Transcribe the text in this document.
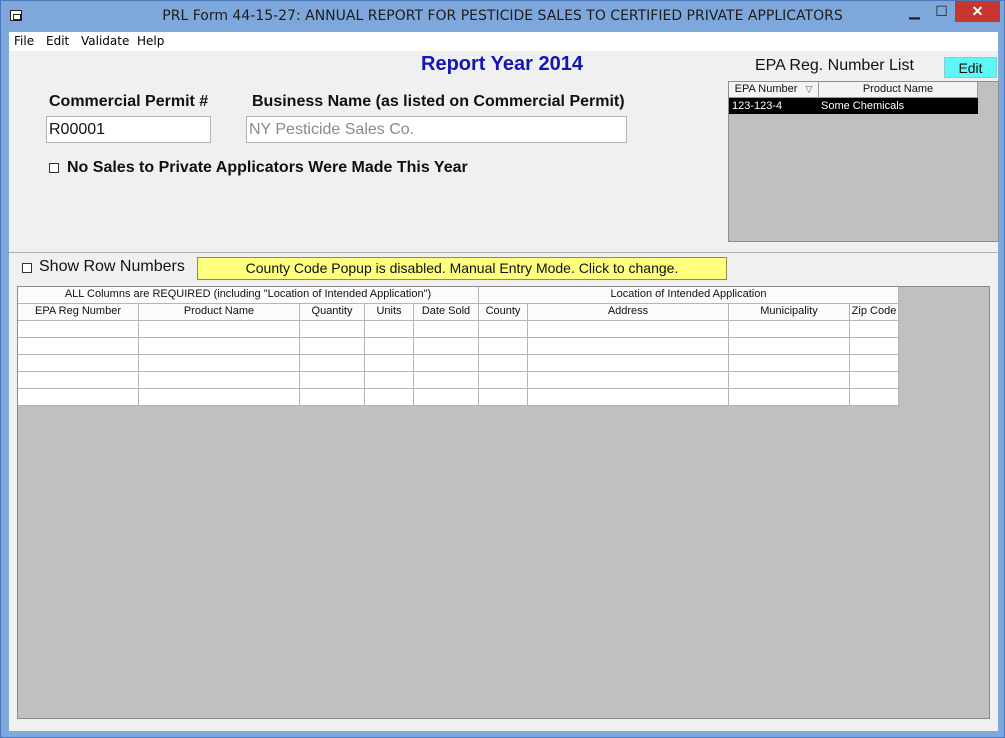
PRL Form 44-15-27: ANNUAL REPORT FOR PESTICIDE SALES TO CERTIFIED PRIVATE APPLICATORS	▁	☐	✕
File Edit Validate Help
Report Year 2014
Commercial Permit #
R00001
Business Name (as listed on Commercial Permit)
NY Pesticide Sales Co.
No Sales to Private Applicators Were Made This Year
EPA Reg. Number List	Edit
EPA Number ▽	Product Name
123-123-4	Some Chemicals
Show Row Numbers	County Code Popup is disabled. Manual Entry Mode. Click to change.
ALL Columns are REQUIRED (including "Location of Intended Application")	Location of Intended Application
EPA Reg Number	Product Name	Quantity	Units	Date Sold	County	Address	Municipality	Zip Code
